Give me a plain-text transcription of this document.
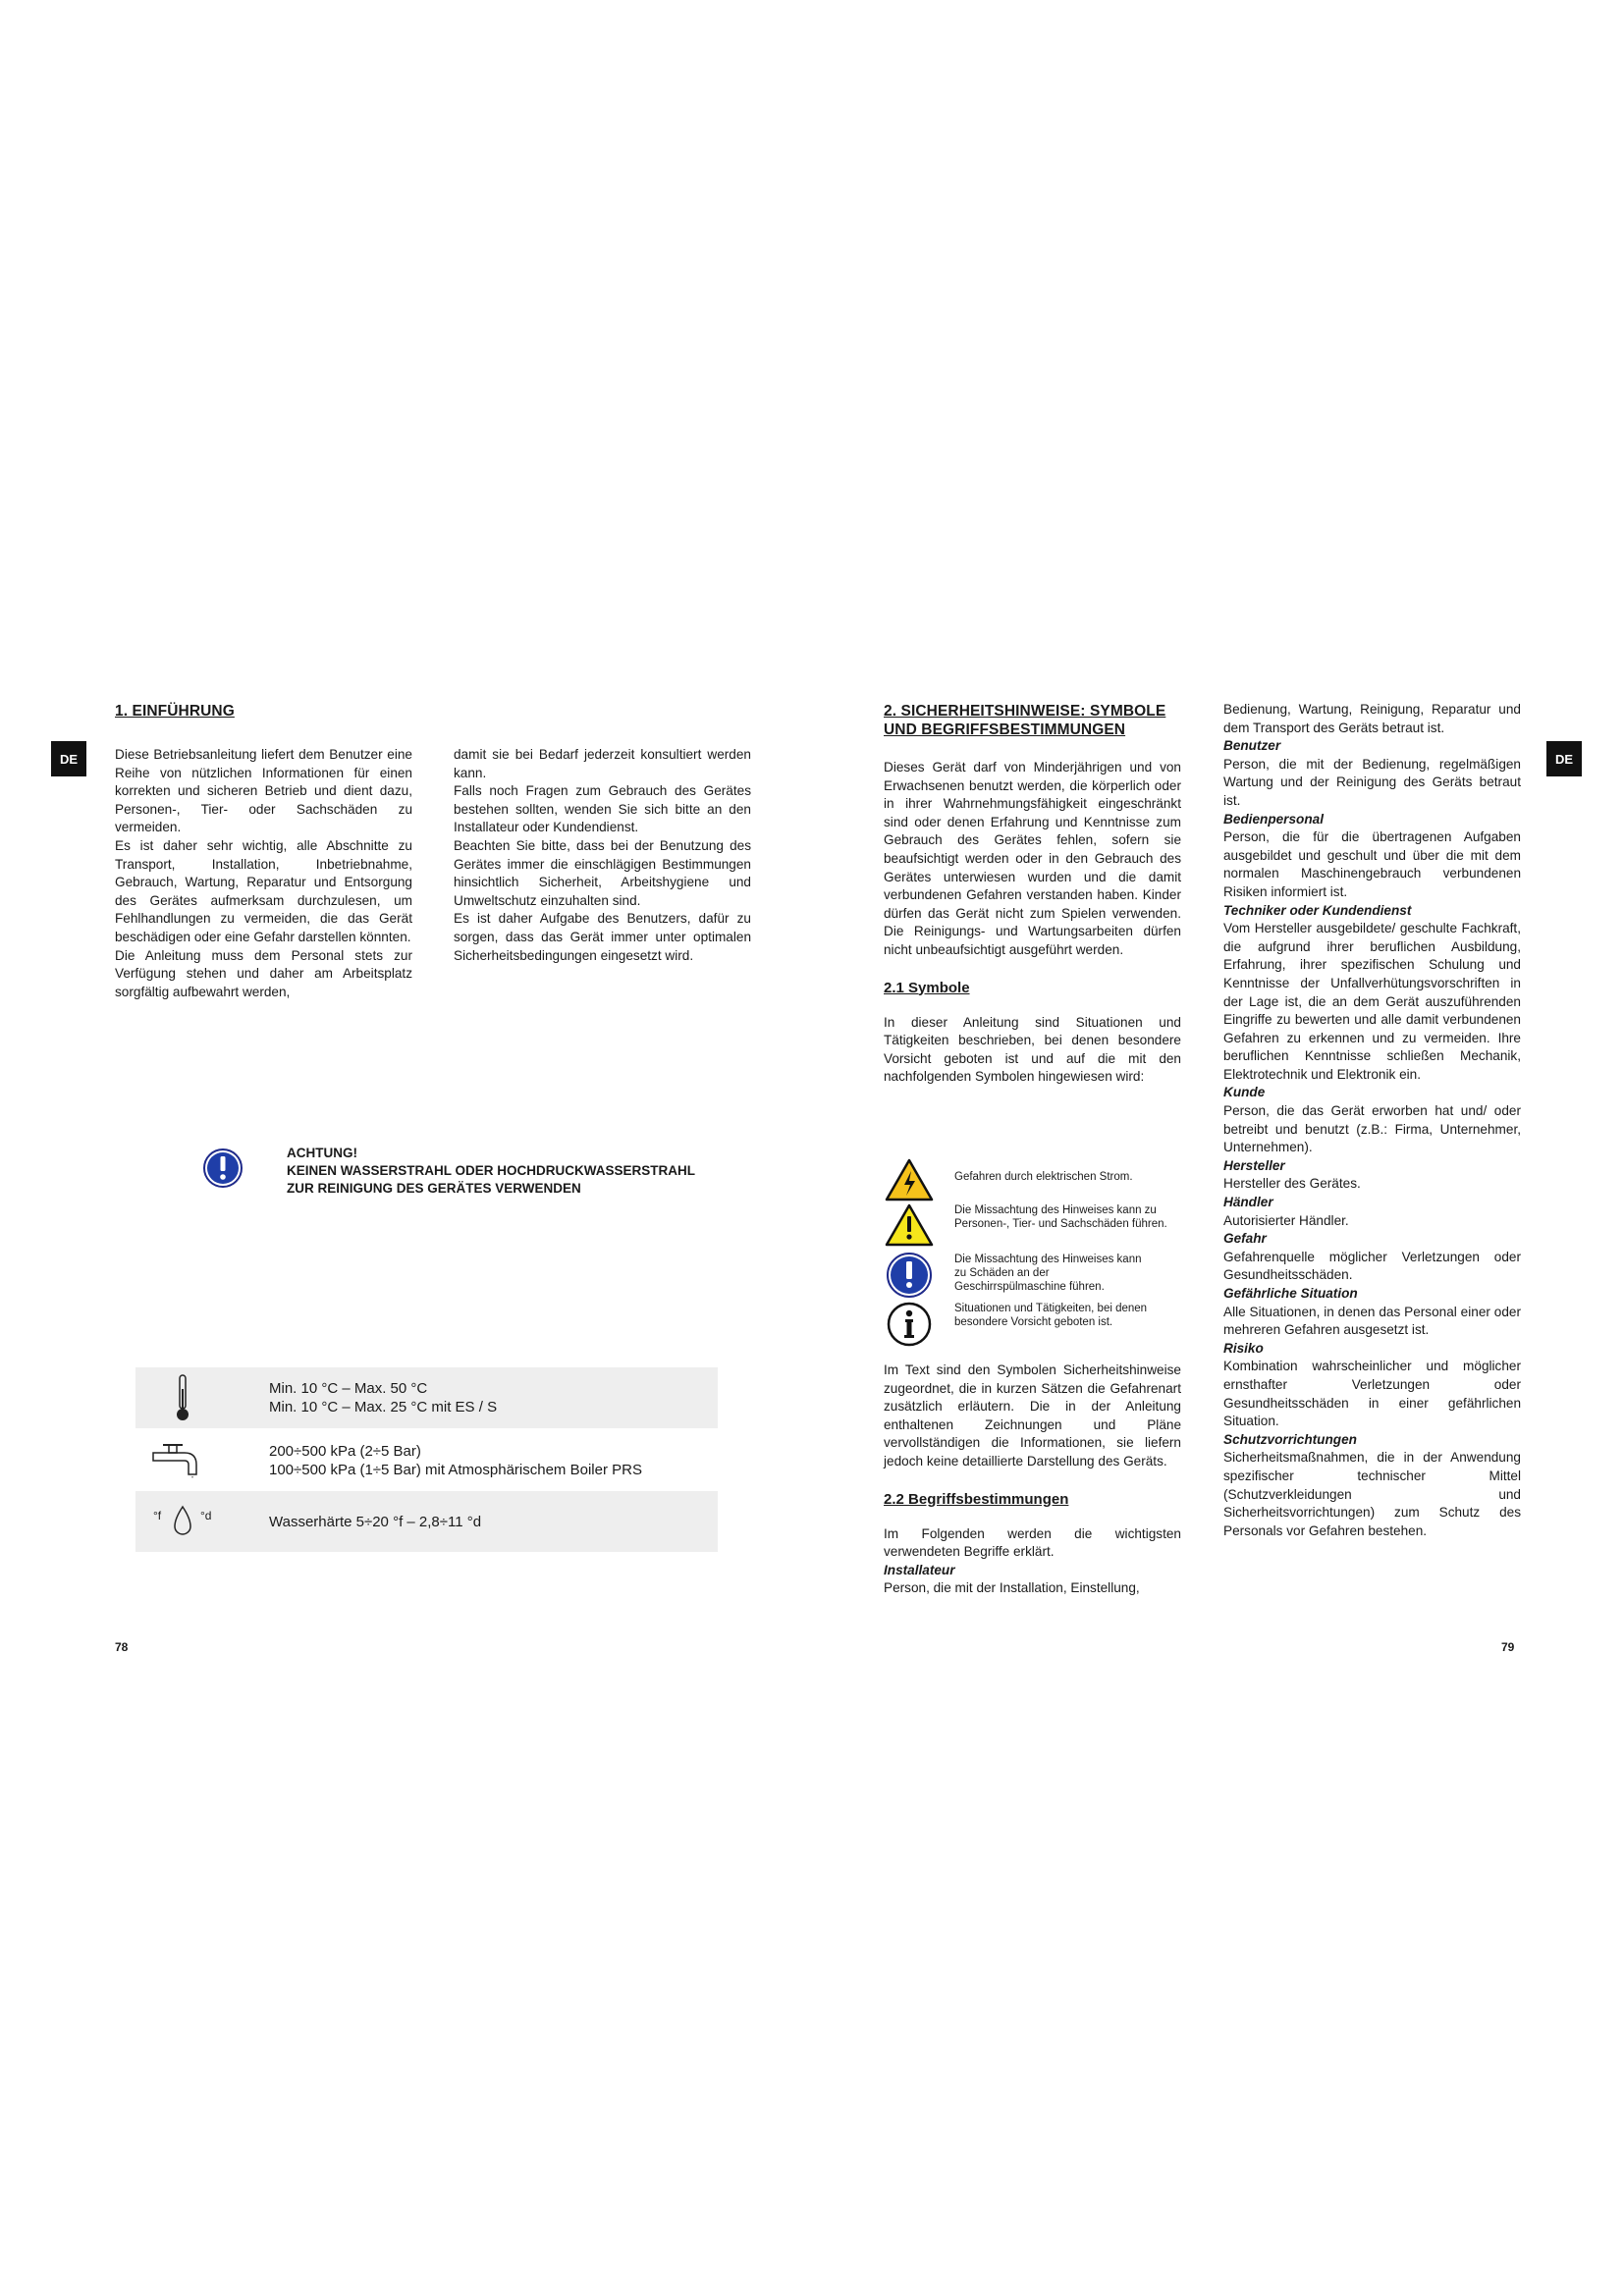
DE
1. EINFÜHRUNG

Diese Betriebsanleitung liefert dem Benutzer eine Reihe von nützlichen Informationen für einen korrekten und sicheren Betrieb und dient dazu, Personen-, Tier- oder Sachschäden zu vermeiden.

Es ist daher sehr wichtig, alle Abschnitte zu Transport, Installation, Inbetriebnahme, Gebrauch, Wartung, Reparatur und Entsorgung des Gerätes aufmerksam durchzulesen, um Fehlhandlungen zu vermeiden, die das Gerät beschädigen oder eine Gefahr darstellen könnten.

Die Anleitung muss dem Personal stets zur Verfügung stehen und daher am Arbeitsplatz sorgfältig aufbewahrt werden,

damit sie bei Bedarf jederzeit konsultiert werden kann.

Falls noch Fragen zum Gebrauch des Gerätes bestehen sollten, wenden Sie sich bitte an den Installateur oder Kundendienst.

Beachten Sie bitte, dass bei der Benutzung des Gerätes immer die einschlägigen Bestimmungen hinsichtlich Sicherheit, Arbeitshygiene und Umweltschutz einzuhalten sind.

Es ist daher Aufgabe des Benutzers, dafür zu sorgen, dass das Gerät immer unter optimalen Sicherheitsbedingungen eingesetzt wird.

ACHTUNG!
KEINEN WASSERSTRAHL ODER HOCHDRUCKWASSERSTRAHL
ZUR REINIGUNG DES GERÄTES VERWENDEN
Min. 10 °C – Max. 50 °C
Min. 10 °C – Max. 25 °C mit ES / S
200÷500 kPa (2÷5 Bar)
100÷500 kPa (1÷5 Bar) mit Atmosphärischem Boiler PRS
°f	°d	Wasserhärte 5÷20 °f – 2,8÷11 °d
78
2. SICHERHEITSHINWEISE: SYMBOLE
UND BEGRIFFSBESTIMMUNGEN

Dieses Gerät darf von Minderjährigen und von Erwachsenen benutzt werden, die körperlich oder in ihrer Wahrnehmungsfähigkeit eingeschränkt sind oder denen Erfahrung und Kenntnisse zum Gebrauch des Gerätes fehlen, sofern sie beaufsichtigt werden oder in den Gebrauch des Gerätes unterwiesen wurden und die damit verbundenen Gefahren verstanden haben. Kinder dürfen das Gerät nicht zum Spielen verwenden. Die Reinigungs- und Wartungsarbeiten dürfen nicht unbeaufsichtigt ausgeführt werden.

2.1 Symbole

In dieser Anleitung sind Situationen und Tätigkeiten beschrieben, bei denen besondere Vorsicht geboten ist und auf die mit den nachfolgenden Symbolen hingewiesen wird:

Gefahren durch elektrischen Strom.
Die Missachtung des Hinweises kann zu Personen-, Tier- und Sachschäden führen.
Die Missachtung des Hinweises kann zu Schäden an der Geschirrspülmaschine führen.
Situationen und Tätigkeiten, bei denen besondere Vorsicht geboten ist.

Im Text sind den Symbolen Sicherheitshinweise zugeordnet, die in kurzen Sätzen die Gefahrenart zusätzlich erläutern. Die in der Anleitung enthaltenen Zeichnungen und Pläne vervollständigen die Informationen, sie liefern jedoch keine detaillierte Darstellung des Geräts.

2.2 Begriffsbestimmungen

Im Folgenden werden die wichtigsten verwendeten Begriffe erklärt.

Installateur
Person, die mit der Installation, Einstellung,
Bedienung, Wartung, Reinigung, Reparatur und dem Transport des Geräts betraut ist.
Benutzer
Person, die mit der Bedienung, regelmäßigen Wartung und der Reinigung des Geräts betraut ist.
Bedienpersonal
Person, die für die übertragenen Aufgaben ausgebildet und geschult und über die mit dem normalen Maschinengebrauch verbundenen Risiken informiert ist.
Techniker oder Kundendienst
Vom Hersteller ausgebildete/ geschulte Fachkraft, die aufgrund ihrer beruflichen Ausbildung, Erfahrung, ihrer spezifischen Schulung und Kenntnisse der Unfallverhütungsvorschriften in der Lage ist, die an dem Gerät auszuführenden Eingriffe zu bewerten und alle damit verbundenen Gefahren zu erkennen und zu vermeiden. Ihre beruflichen Kenntnisse schließen Mechanik, Elektrotechnik und Elektronik ein.
Kunde
Person, die das Gerät erworben hat und/ oder betreibt und benutzt (z.B.: Firma, Unternehmer, Unternehmen).
Hersteller
Hersteller des Gerätes.
Händler
Autorisierter Händler.
Gefahr
Gefahrenquelle möglicher Verletzungen oder Gesundheitsschäden.
Gefährliche Situation
Alle Situationen, in denen das Personal einer oder mehreren Gefahren ausgesetzt ist.
Risiko
Kombination wahrscheinlicher und möglicher ernsthafter Verletzungen oder Gesundheitsschäden in einer gefährlichen Situation.
Schutzvorrichtungen
Sicherheitsmaßnahmen, die in der Anwendung spezifischer technischer Mittel (Schutzverkleidungen und Sicherheitsvorrichtungen) zum Schutz des Personals vor Gefahren bestehen.
DE
79
